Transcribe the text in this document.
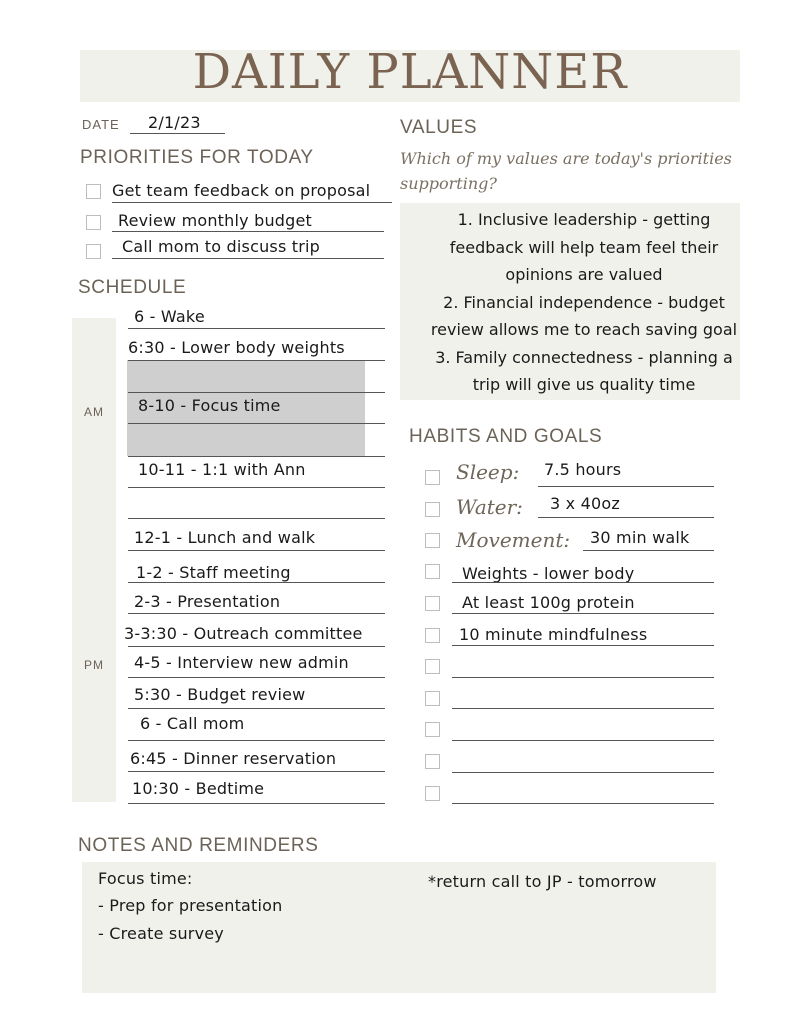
DAILY PLANNER
DATE 2/1/23
PRIORITIES FOR TODAY
Get team feedback on proposal
Review monthly budget
Call mom to discuss trip
VALUES
Which of my values are today's priorities
supporting?
1. Inclusive leadership - getting
feedback will help team feel their
opinions are valued
2. Financial independence - budget
review allows me to reach saving goal
3. Family connectedness - planning a
trip will give us quality time
SCHEDULE
AM
PM
6 - Wake
6:30 - Lower body weights
8-10 - Focus time
10-11 - 1:1 with Ann
12-1 - Lunch and walk
1-2 - Staff meeting
2-3 - Presentation
3-3:30 - Outreach committee
4-5 - Interview new admin
5:30 - Budget review
6 - Call mom
6:45 - Dinner reservation
10:30 - Bedtime
HABITS AND GOALS
Sleep: 7.5 hours
Water: 3 x 40oz
Movement: 30 min walk
Weights - lower body
At least 100g protein
10 minute mindfulness
NOTES AND REMINDERS
Focus time:
- Prep for presentation
- Create survey
*return call to JP - tomorrow
